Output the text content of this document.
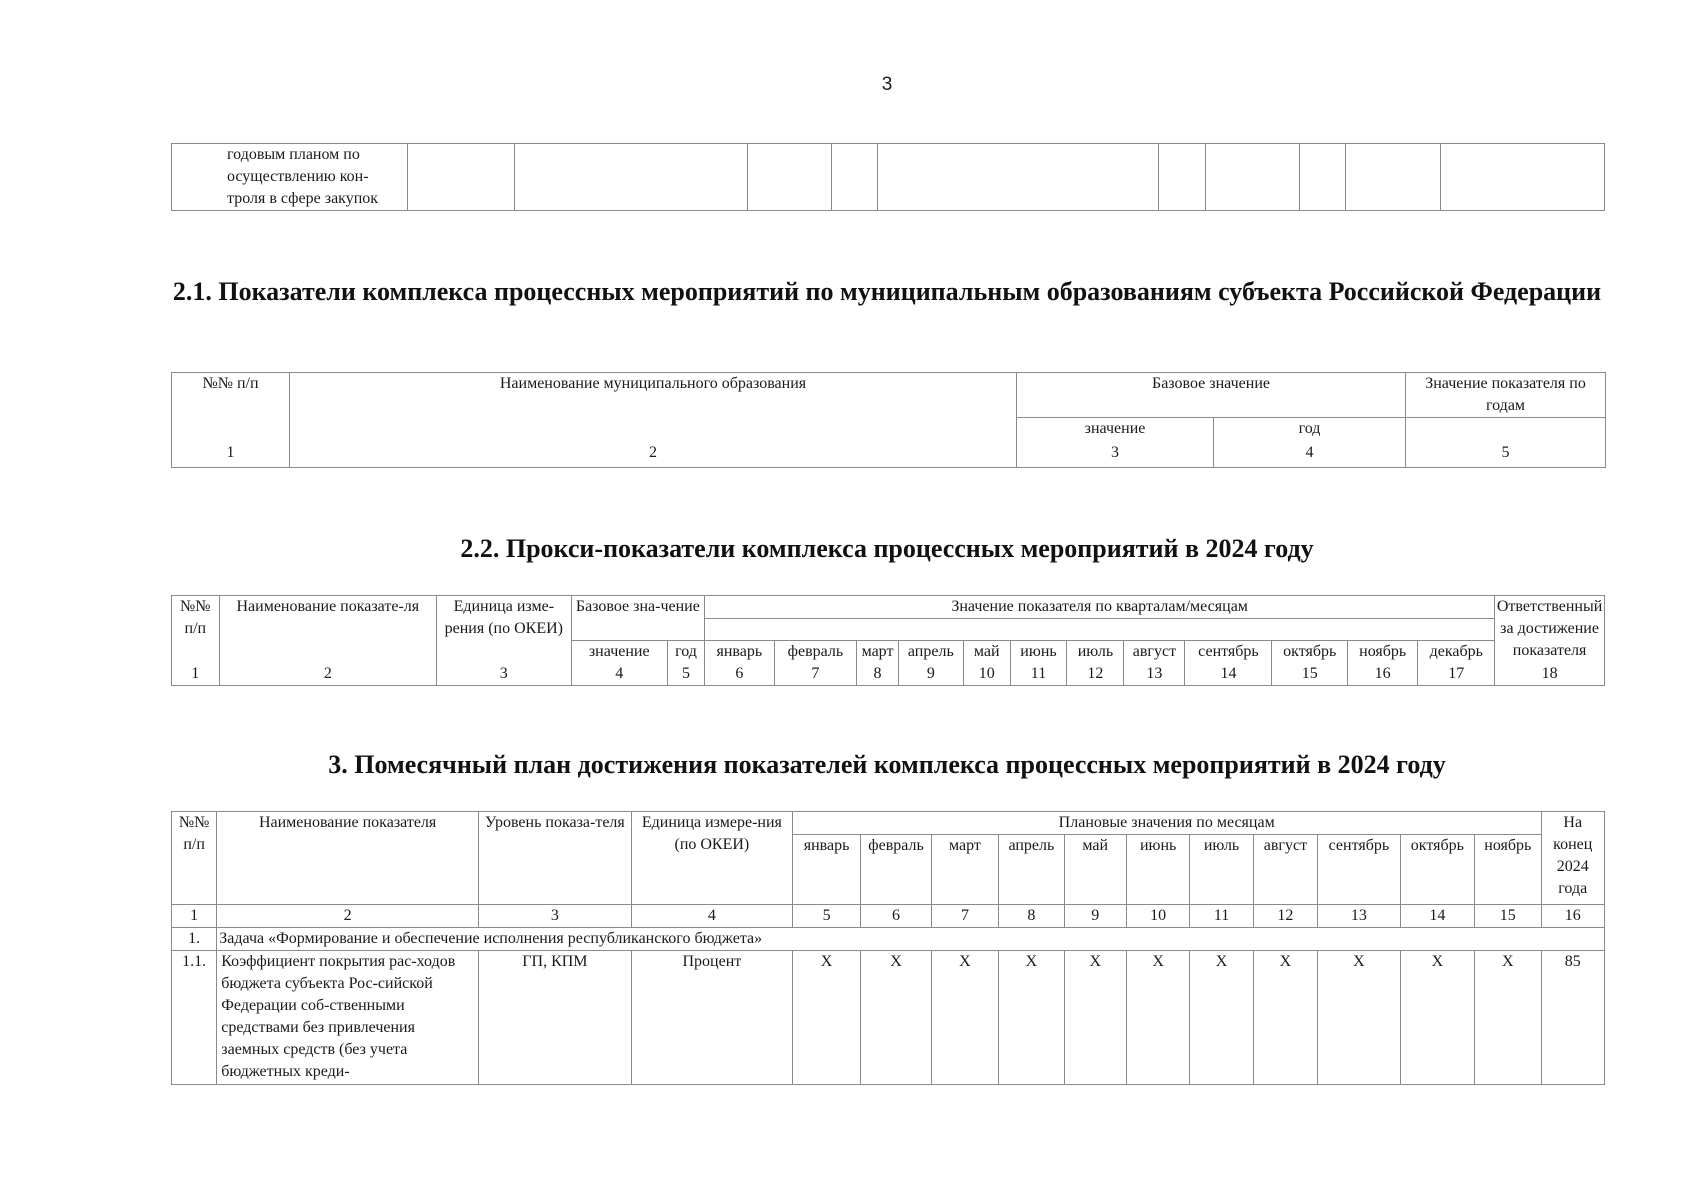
3
годовым планом по осуществлению кон-троля в сфере закупок										
2.1. Показатели комплекса процессных мероприятий по муниципальным образованиям субъекта Российской Федерации
№№ п/п	Наименование муниципального образования	Базовое значение		Значение показателя по годам
		значение	год	
1	2	3	4	5
2.2. Прокси-показатели комплекса процессных мероприятий в 2024 году
№№ п/п	Наименование показате-ля	Единица изме-рения (по ОКЕИ)	Базовое зна-чение		Значение показателя по кварталам/месяцам												Ответственный за достижение показателя

			значение	год	январь	февраль	март	апрель	май	июнь	июль	август	сентябрь	октябрь	ноябрь	декабрь	
1	2	3	4	5	6	7	8	9	10	11	12	13	14	15	16	17	18
3. Помесячный план достижения показателей комплекса процессных мероприятий в 2024 году
№№ п/п	Наименование показателя	Уровень показа-теля	Единица измере-ния (по ОКЕИ)	Плановые значения по месяцам											На конец 2024 года
				январь	февраль	март	апрель	май	июнь	июль	август	сентябрь	октябрь	ноябрь	
1	2	3	4	5	6	7	8	9	10	11	12	13	14	15	16
1.	Задача «Формирование и обеспечение исполнения республиканского бюджета»														
1.1.	Коэффициент покрытия рас-ходов бюджета субъекта Рос-сийской Федерации соб-ственными средствами без привлечения заемных средств (без учета бюджетных креди-	ГП, КПМ	Процент	X	X	X	X	X	X	X	X	X	X	X	85
